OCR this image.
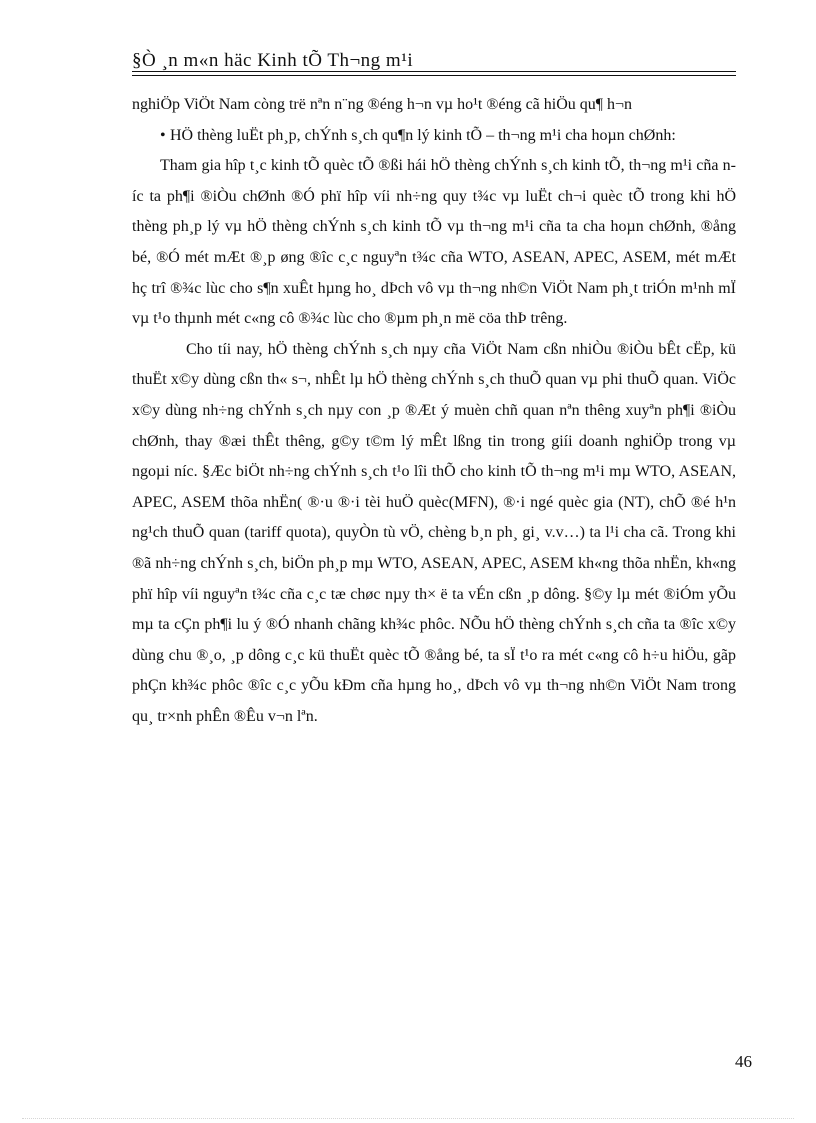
§Ò ¸n m«n häc Kinh tÕ Th¬ng m¹i

nghiÖp ViÖt Nam còng trë nªn n¨ng ®éng h¬n vµ ho¹t ®éng cã hiÖu qu¶ h¬n

• HÖ thèng luËt ph¸p, chÝnh s¸ch qu¶n lý kinh tÕ – th¬ng m¹i cha hoµn chØnh:

Tham gia hîp t¸c kinh tÕ quèc tÕ ®ßi hái hÖ thèng chÝnh s¸ch kinh tÕ, th¬ng m¹i cña níc ta ph¶i ®iÒu chØnh ®Ó phï hîp víi nh÷ng quy t¾c vµ luËt ch¬i quèc tÕ trong khi hÖ thèng ph¸p lý vµ hÖ thèng chÝnh s¸ch kinh tÕ vµ th¬ng m¹i cña ta cha hoµn chØnh, ®ång bé, ®Ó mét mÆt ®¸p øng ®îc c¸c nguyªn t¾c cña WTO, ASEAN, APEC, ASEM, mét mÆt hç trî ®¾c lùc cho s¶n xuÊt hµng ho¸ dÞch vô vµ th¬ng nh©n ViÖt Nam ph¸t triÓn m¹nh mÏ vµ t¹o thµnh mét c«ng cô ®¾c lùc cho ®µm ph¸n më cöa thÞ trêng.

Cho tíi nay, hÖ thèng chÝnh s¸ch nµy cña ViÖt Nam cßn nhiÒu ®iÒu bÊt cËp, kü thuËt x©y dùng cßn th« s¬, nhÊt lµ hÖ thèng chÝnh s¸ch thuÕ quan vµ phi thuÕ quan. ViÖc x©y dùng nh÷ng chÝnh s¸ch nµy con ¸p ®Æt ý muèn chñ quan nªn thêng xuyªn ph¶i ®iÒu chØnh, thay ®æi thÊt thêng, g©y t©m lý mÊt lßng tin trong giíi doanh nghiÖp trong vµ ngoµi níc. §Æc biÖt nh÷ng chÝnh s¸ch t¹o lîi thÕ cho kinh tÕ th¬ng m¹i mµ WTO, ASEAN, APEC, ASEM thõa nhËn( ®·u ®·i tèi huÖ quèc(MFN), ®·i ngé quèc gia (NT), chÕ ®é h¹n ng¹ch thuÕ quan (tariff quota), quyÒn tù vÖ, chèng b¸n ph¸ gi¸ v.v…) ta l¹i cha cã. Trong khi ®ã nh÷ng chÝnh s¸ch, biÖn ph¸p mµ WTO, ASEAN, APEC, ASEM kh«ng thõa nhËn, kh«ng phï hîp víi nguyªn t¾c cña c¸c tæ chøc nµy th× ë ta vÉn cßn ¸p dông. §©y lµ mét ®iÓm yÕu mµ ta cÇn ph¶i lu ý ®Ó nhanh chãng kh¾c phôc. NÕu hÖ thèng chÝnh s¸ch cña ta ®îc x©y dùng chu ®¸o, ¸p dông c¸c kü thuËt quèc tÕ ®ång bé, ta sÏ t¹o ra mét c«ng cô h÷u hiÖu, gãp phÇn kh¾c phôc ®îc c¸c yÕu kÐm cña hµng ho¸, dÞch vô vµ th¬ng nh©n ViÖt Nam trong qu¸ tr×nh phÊn ®Êu v¬n lªn.

46
